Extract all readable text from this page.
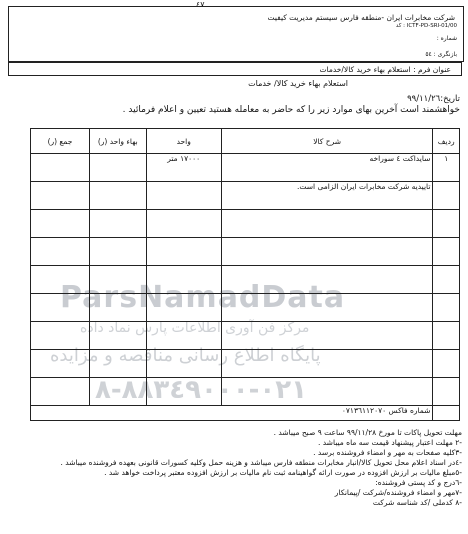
٤٧
شرکت مخابرات ایران -منطقه فارس سیستم مدیریت کیفیت
کد : ICTF-PD-SRI-01/00
شماره :
بازنگری : ٥٤
عنوان فرم : استعلام بهاء خرید کالا/خدمات
استعلام بهاء خرید کالا/ خدمات
تاریخ:٩٩/١١/٢٦
خواهشمند است آخرین بهای موارد زیر را که حاضر به معامله هستید تعیین و اعلام فرمائید .
ParsNamadData
مرکز فن آوری اطلاعات پارس نماد داده
پایگاه اطلاع رسانی مناقصه و مزایده
٠٢١-٨٨٣٤٩٠٠٠-٨
ردیف	شرح کالا	واحد	بهاء واحد (ر)	جمع (ر)
١	سایداکت ٤ سوراخه	١٧٠٠٠ متر		
	تاییدیه شرکت مخابرات ایران الزامی است.			

	شماره فاکس ٠٧١٣٦١١٢٠٧٠			
مهلت تحویل پاکات تا مورخ ٩٩/١١/٢٨ ساعت ٩ صبح میباشد .
-٢ مهلت اعتبار پیشنهاد قیمت سه ماه میباشد .
-٣کلیه صفحات به مهر و امضاء فروشنده برسد .
-٤در اسناد اعلام محل تحویل کالا/انبار مخابرات منطقه فارس میباشد و هزینه حمل وکلیه کسورات قانونی بعهده فروشنده میباشد .
-٥مبلغ مالیات بر ارزش افزوده در صورت ارائه گواهینامه ثبت نام مالیات بر ارزش افزوده معتبر پرداخت خواهد شد .
-٦درج و کد پستی فروشنده:
-٧مهر و امضاء فروشنده/شرکت /پیمانکار
-٨ کدملی /کد شناسه شرکت
